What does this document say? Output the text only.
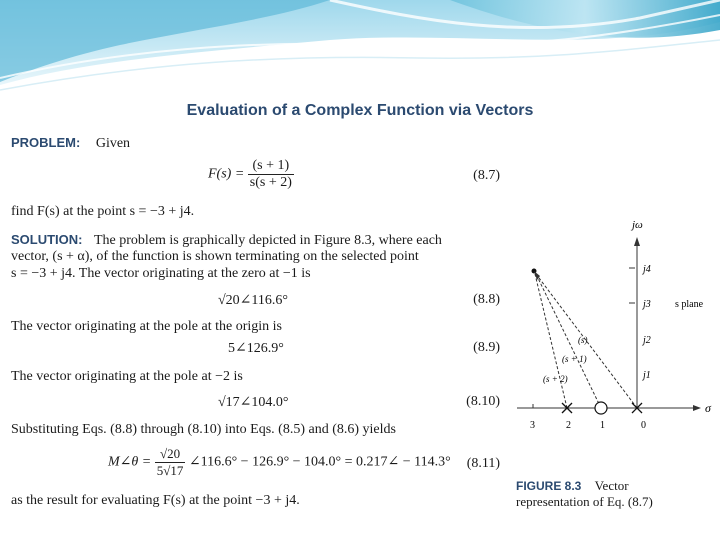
Evaluation of a Complex Function via Vectors
PROBLEM: Given
$F(s) = \frac{(s + 1)}{s(s + 2)}$	(8.7)
find F(s) at the point s = −3 + j4.
SOLUTION: The problem is graphically depicted in Figure 8.3, where each
vector, (s + α), of the function is shown terminating on the selected point
s = −3 + j4. The vector originating at the zero at −1 is
√20∠116.6°	(8.8)
The vector originating at the pole at the origin is
5∠126.9°	(8.9)
The vector originating at the pole at −2 is
√17∠104.0°	(8.10)
Substituting Eqs. (8.8) through (8.10) into Eqs. (8.5) and (8.6) yields
M∠θ = $\frac{√20}{5√17}$ ∠116.6° − 126.9° − 104.0° = 0.217∠ − 114.3°	(8.11)
as the result for evaluating F(s) at the point −3 + j4.
jω
σ
j4
j3
j2
j1
s plane
3	2	1	0
(s)
(s + 1)
(s + 2)
FIGURE 8.3 Vector
representation of Eq. (8.7)
